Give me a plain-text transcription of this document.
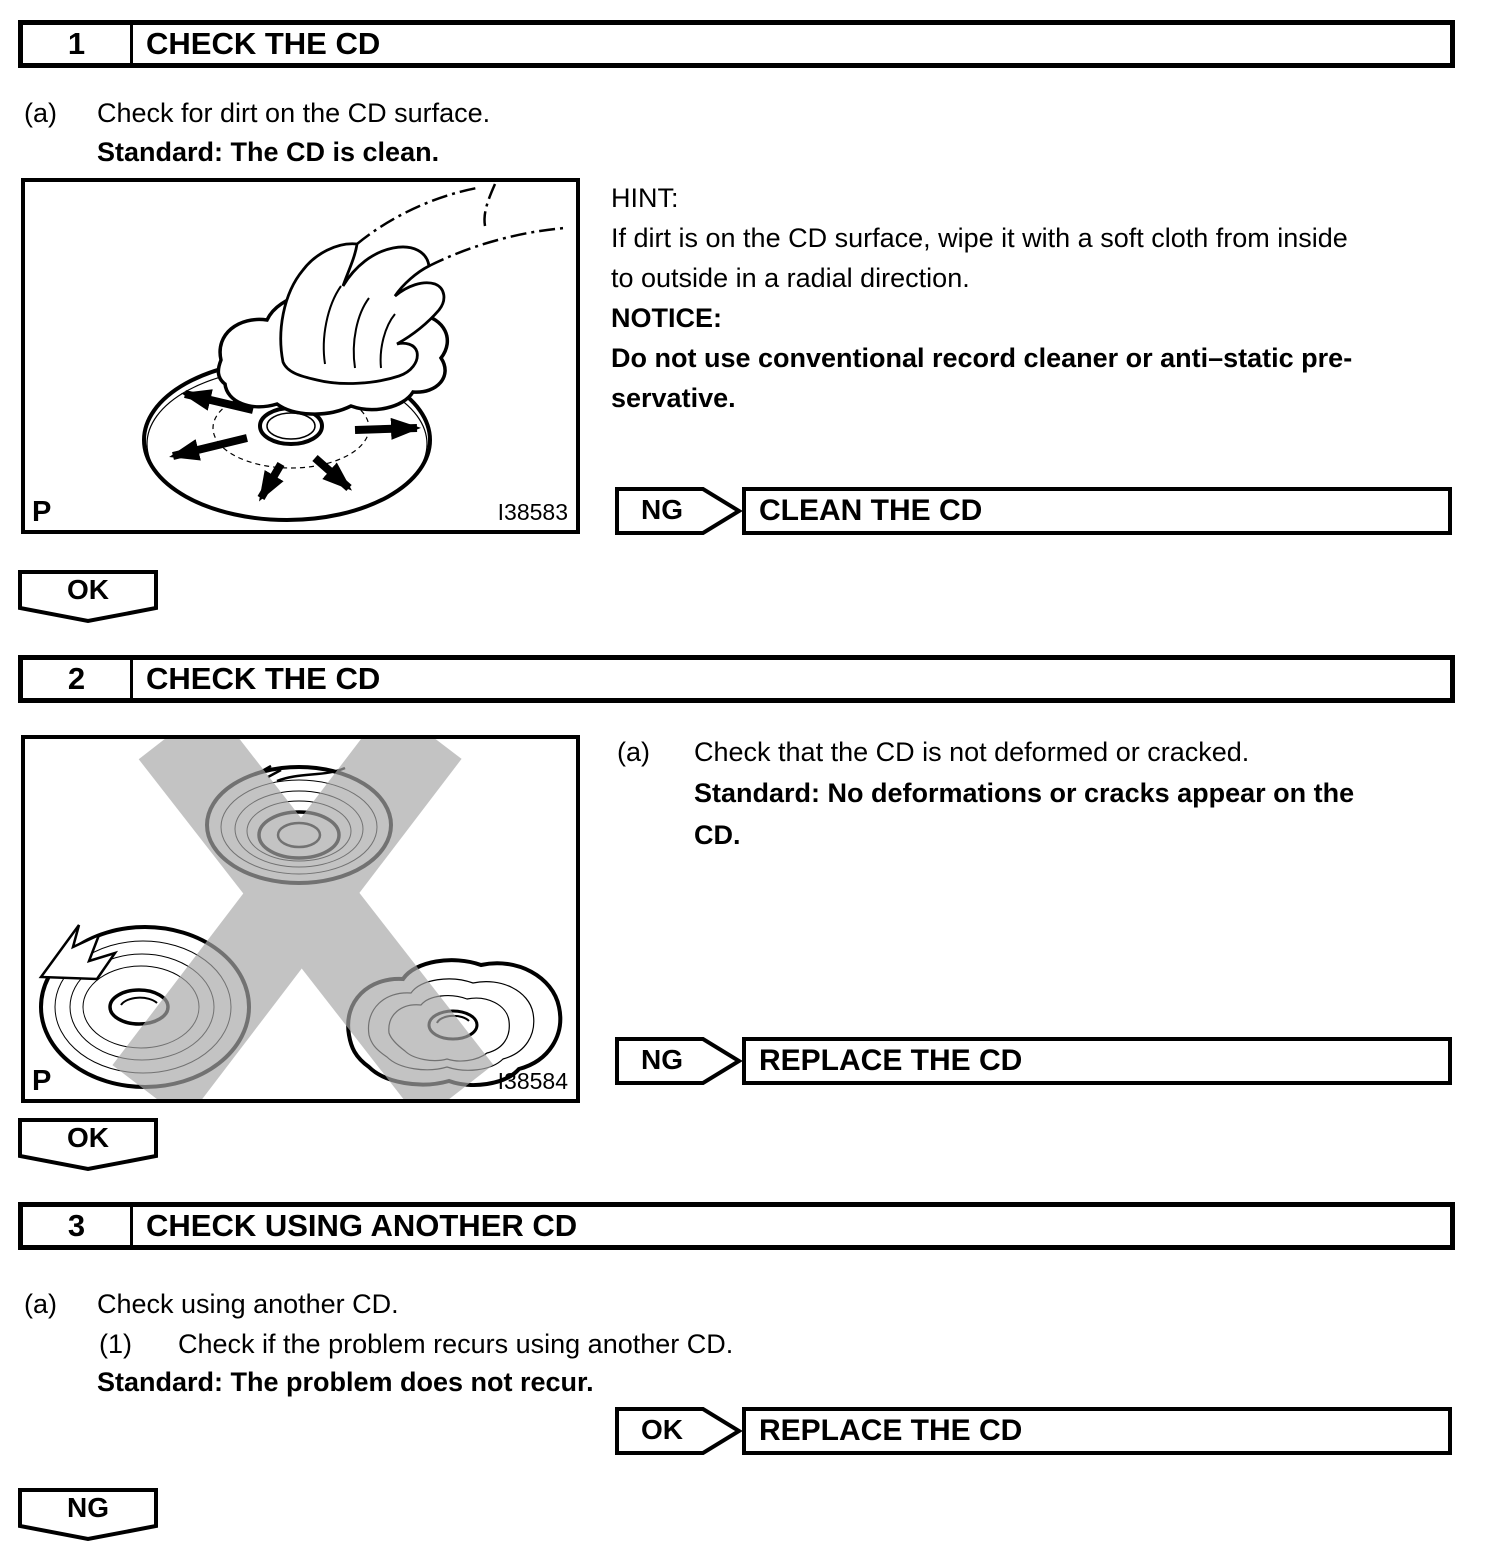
1	CHECK THE CD
(a) Check for dirt on the CD surface.
Standard: The CD is clean.
P	I38583
HINT:
If dirt is on the CD surface, wipe it with a soft cloth from inside
to outside in a radial direction.
NOTICE:
Do not use conventional record cleaner or anti–static pre-
servative.
NG	CLEAN THE CD
OK
2	CHECK THE CD
P	I38584
(a) Check that the CD is not deformed or cracked.
Standard: No deformations or cracks appear on the
CD.
NG	REPLACE THE CD
OK
3	CHECK USING ANOTHER CD
(a) Check using another CD.
(1) Check if the problem recurs using another CD.
Standard: The problem does not recur.
OK	REPLACE THE CD
NG
